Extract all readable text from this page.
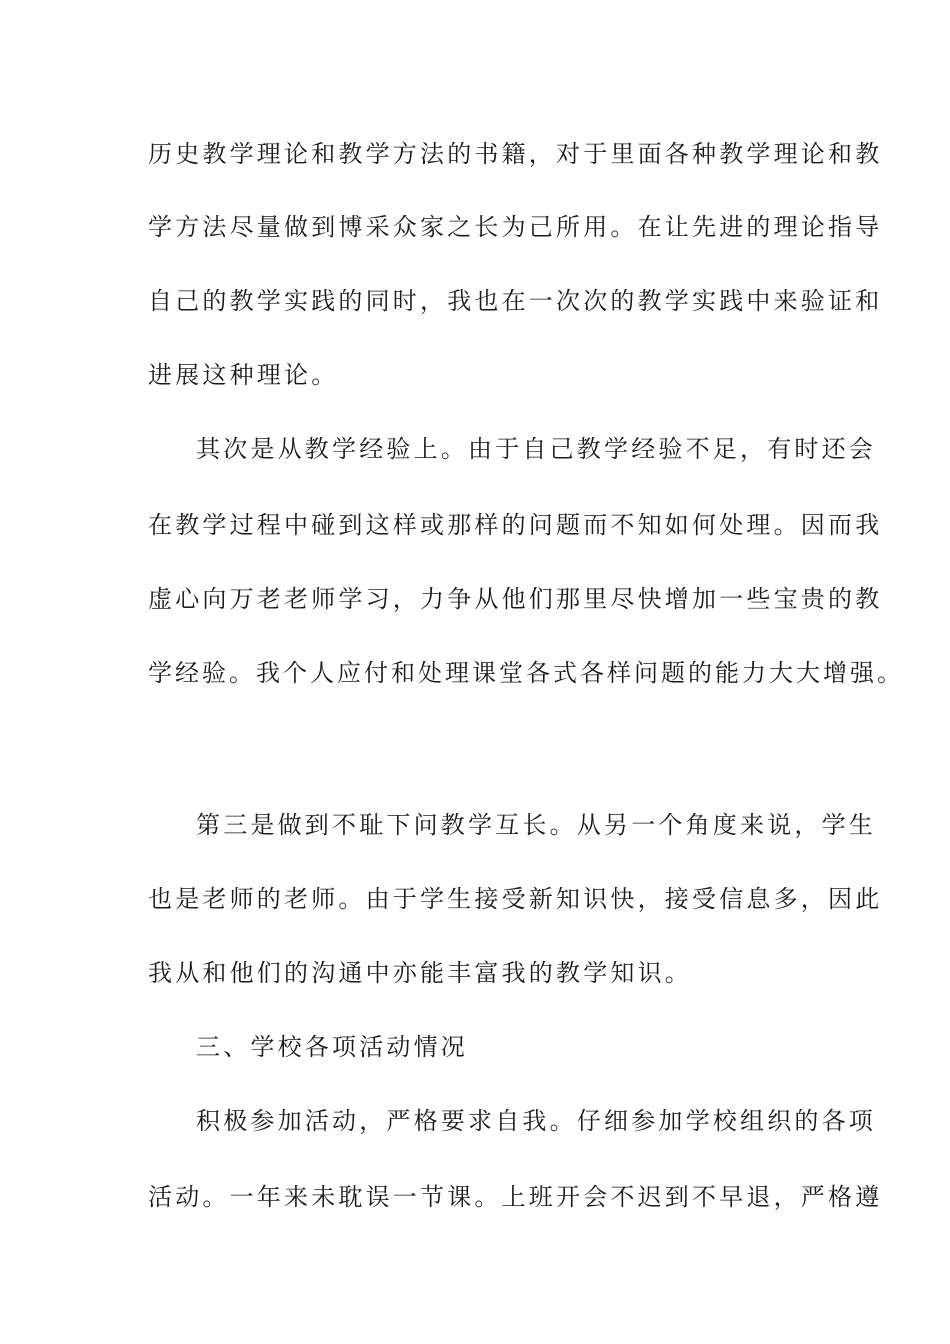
历史教学理论和教学方法的书籍，对于里面各种教学理论和教
学方法尽量做到博采众家之长为己所用。在让先进的理论指导
自己的教学实践的同时，我也在一次次的教学实践中来验证和
进展这种理论。
其次是从教学经验上。由于自己教学经验不足，有时还会
在教学过程中碰到这样或那样的问题而不知如何处理。因而我
虚心向万老老师学习，力争从他们那里尽快增加一些宝贵的教
学经验。我个人应付和处理课堂各式各样问题的能力大大增强。
第三是做到不耻下问教学互长。从另一个角度来说，学生
也是老师的老师。由于学生接受新知识快，接受信息多，因此
我从和他们的沟通中亦能丰富我的教学知识。
三、学校各项活动情况
积极参加活动，严格要求自我。仔细参加学校组织的各项
活动。一年来未耽误一节课。上班开会不迟到不早退，严格遵
